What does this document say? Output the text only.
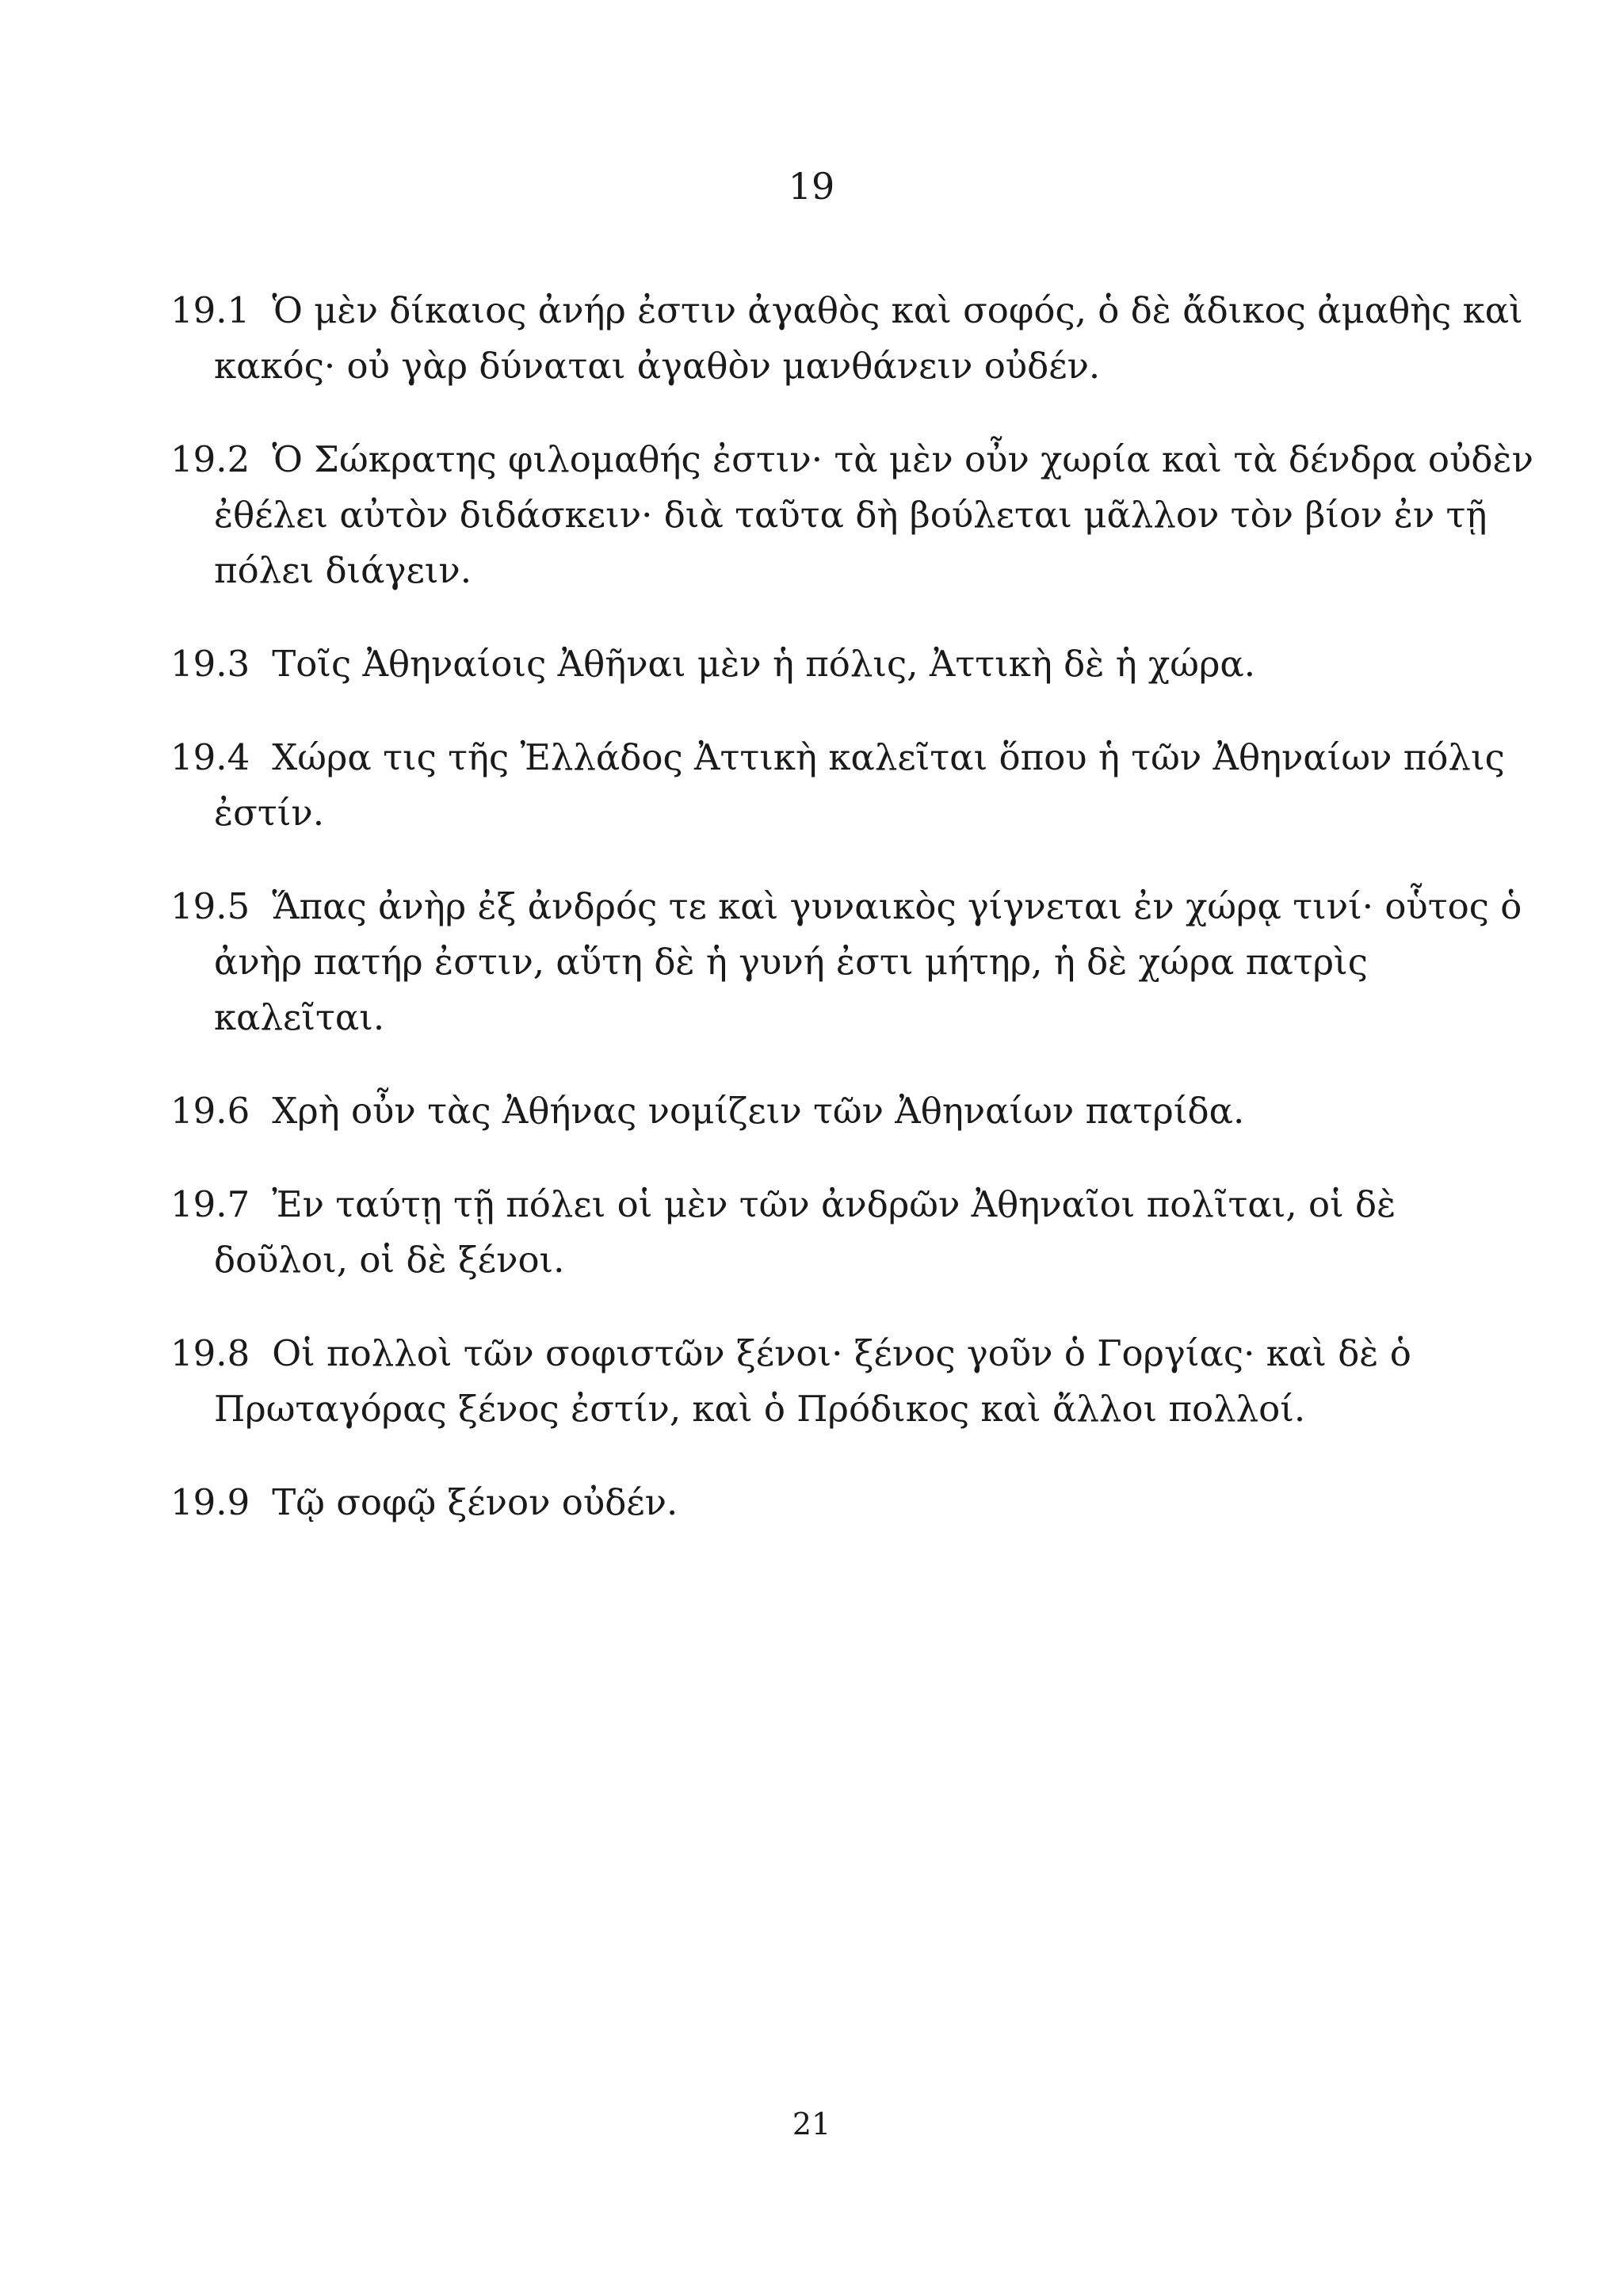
19

19.1 Ὁ μὲν δίκαιος ἀνήρ ἐστιν ἀγαθὸς καὶ σοφός, ὁ δὲ ἄδικος ἀμαθὴς καὶ κακός· οὐ γὰρ δύναται ἀγαθὸν μανθάνειν οὐδέν.

19.2 Ὁ Σώκρατης φιλομαθής ἐστιν· τὰ μὲν οὖν χωρία καὶ τὰ δένδρα οὐδὲν ἐθέλει αὐτὸν διδάσκειν· διὰ ταῦτα δὴ βούλεται μᾶλλον τὸν βίον ἐν τῇ πόλει διάγειν.

19.3 Τοῖς Ἀθηναίοις Ἀθῆναι μὲν ἡ πόλις, Ἀττικὴ δὲ ἡ χώρα.

19.4 Χώρα τις τῆς Ἐλλάδος Ἀττικὴ καλεῖται ὅπου ἡ τῶν Ἀθηναίων πόλις ἐστίν.

19.5 Ἅπας ἀνὴρ ἐξ ἀνδρός τε καὶ γυναικὸς γίγνεται ἐν χώρᾳ τινί· οὗτος ὁ ἀνὴρ πατήρ ἐστιν, αὕτη δὲ ἡ γυνή ἐστι μήτηρ, ἡ δὲ χώρα πατρὶς καλεῖται.

19.6 Χρὴ οὖν τὰς Ἀθήνας νομίζειν τῶν Ἀθηναίων πατρίδα.

19.7 Ἐν ταύτῃ τῇ πόλει οἱ μὲν τῶν ἀνδρῶν Ἀθηναῖοι πολῖται, οἱ δὲ δοῦλοι, οἱ δὲ ξένοι.

19.8 Οἱ πολλοὶ τῶν σοφιστῶν ξένοι· ξένος γοῦν ὁ Γοργίας· καὶ δὲ ὁ Πρωταγόρας ξένος ἐστίν, καὶ ὁ Πρόδικος καὶ ἄλλοι πολλοί.

19.9 Τῷ σοφῷ ξένον οὐδέν.

21
